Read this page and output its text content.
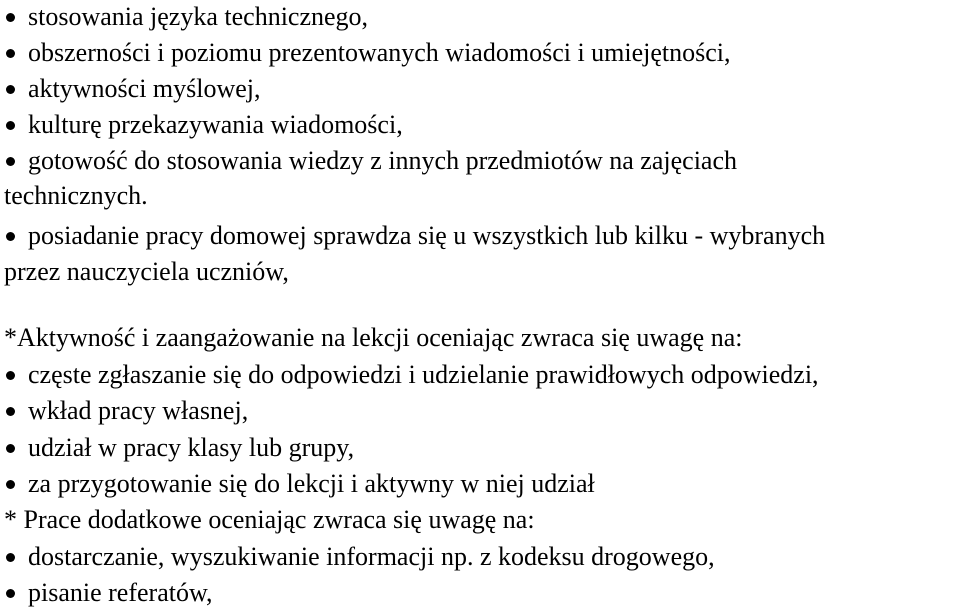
stosowania języka technicznego,
obszerności i poziomu prezentowanych wiadomości i umiejętności,
aktywności myślowej,
kulturę przekazywania wiadomości,
gotowość do stosowania wiedzy z innych przedmiotów na zajęciach
technicznych.
posiadanie pracy domowej sprawdza się u wszystkich lub kilku - wybranych
przez nauczyciela uczniów,
*Aktywność i zaangażowanie na lekcji oceniając zwraca się uwagę na:
częste zgłaszanie się do odpowiedzi i udzielanie prawidłowych odpowiedzi,
wkład pracy własnej,
udział w pracy klasy lub grupy,
za przygotowanie się do lekcji i aktywny w niej udział
* Prace dodatkowe oceniając zwraca się uwagę na:
dostarczanie, wyszukiwanie informacji np. z kodeksu drogowego,
pisanie referatów,
